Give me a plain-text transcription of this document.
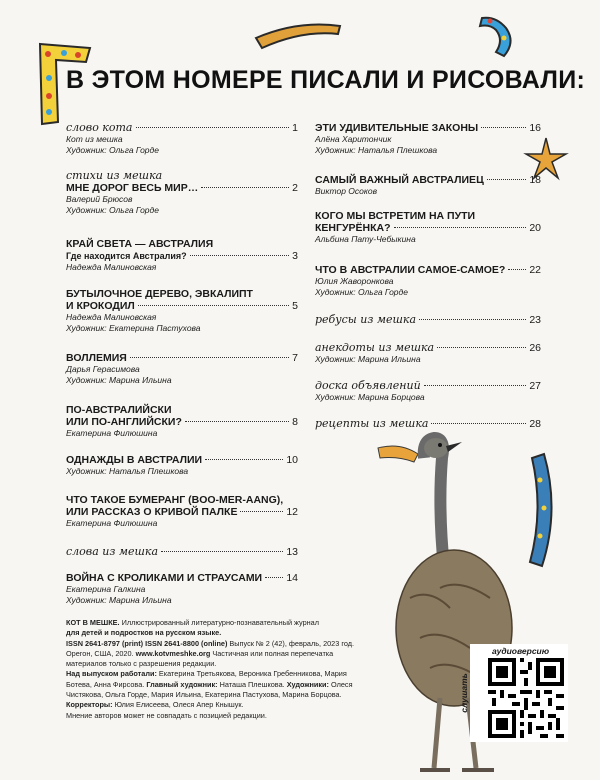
В ЭТОМ НОМЕРЕ ПИСАЛИ И РИСОВАЛИ:
слово кота	1
Кот из мешка
Художник: Ольга Горде
стихи из мешка
МНЕ ДОРОГ ВЕСЬ МИР…	2
Валерий Брюсов
Художник: Ольга Горде
КРАЙ СВЕТА — АВСТРАЛИЯ
Где находится Австралия?	3
Надежда Малиновская
БУТЫЛОЧНОЕ ДЕРЕВО, ЭВКАЛИПТ
И КРОКОДИЛ	5
Надежда Малиновская
Художник: Екатерина Пастухова
ВОЛЛЕМИЯ	7
Дарья Герасимова
Художник: Марина Ильина
ПО-АВСТРАЛИЙСКИ
ИЛИ ПО-АНГЛИЙСКИ?	8
Екатерина Филюшина
ОДНАЖДЫ В АВСТРАЛИИ	10
Художник: Наталья Плешкова
ЧТО ТАКОЕ БУМЕРАНГ (BOO-MER-AANG),
ИЛИ РАССКАЗ О КРИВОЙ ПАЛКЕ	12
Екатерина Филюшина
слова из мешка	13
ВОЙНА С КРОЛИКАМИ И СТРАУСАМИ 14
Екатерина Галкина
Художник: Марина Ильина
ЭТИ УДИВИТЕЛЬНЫЕ ЗАКОНЫ	16
Алёна Харитончик
Художник: Наталья Плешкова
САМЫЙ ВАЖНЫЙ АВСТРАЛИЕЦ	18
Виктор Осоков
КОГО МЫ ВСТРЕТИМ НА ПУТИ
КЕНГУРЁНКА?	20
Альбина Пату-Чебыкина
ЧТО В АВСТРАЛИИ САМОЕ-САМОЕ? 22
Юлия Жаворонкова
Художник: Ольга Горде
ребусы из мешка	23
анекдоты из мешка	26
Художник: Марина Ильина
доска объявлений	27
Художник: Марина Борцова
рецепты из мешка	28
КОТ В МЕШКЕ. Иллюстрированный литературно-познавательный журнал
для детей и подростков на русском языке.
ISSN 2641-8797 (print) ISSN 2641-8800 (online) Выпуск № 2 (42), февраль, 2023 год.
Орегон, США, 2020. www.kotvmeshke.org Частичная или полная перепечатка
материалов только с разрешения редакции.
Над выпуском работали: Екатерина Третьякова, Вероника Гребенникова, Мария
Ботева, Анна Фирсова. Главный художник: Наташа Плешкова. Художники: Олеся
Чистякова, Ольга Горде, Мария Ильина, Екатерина Пастухова, Марина Борцова.
Корректоры: Юлия Елисеева, Олеся Апер Кнышук.
Мнение авторов может не совпадать с позицией редакции.
аудиоверсию
слушать
